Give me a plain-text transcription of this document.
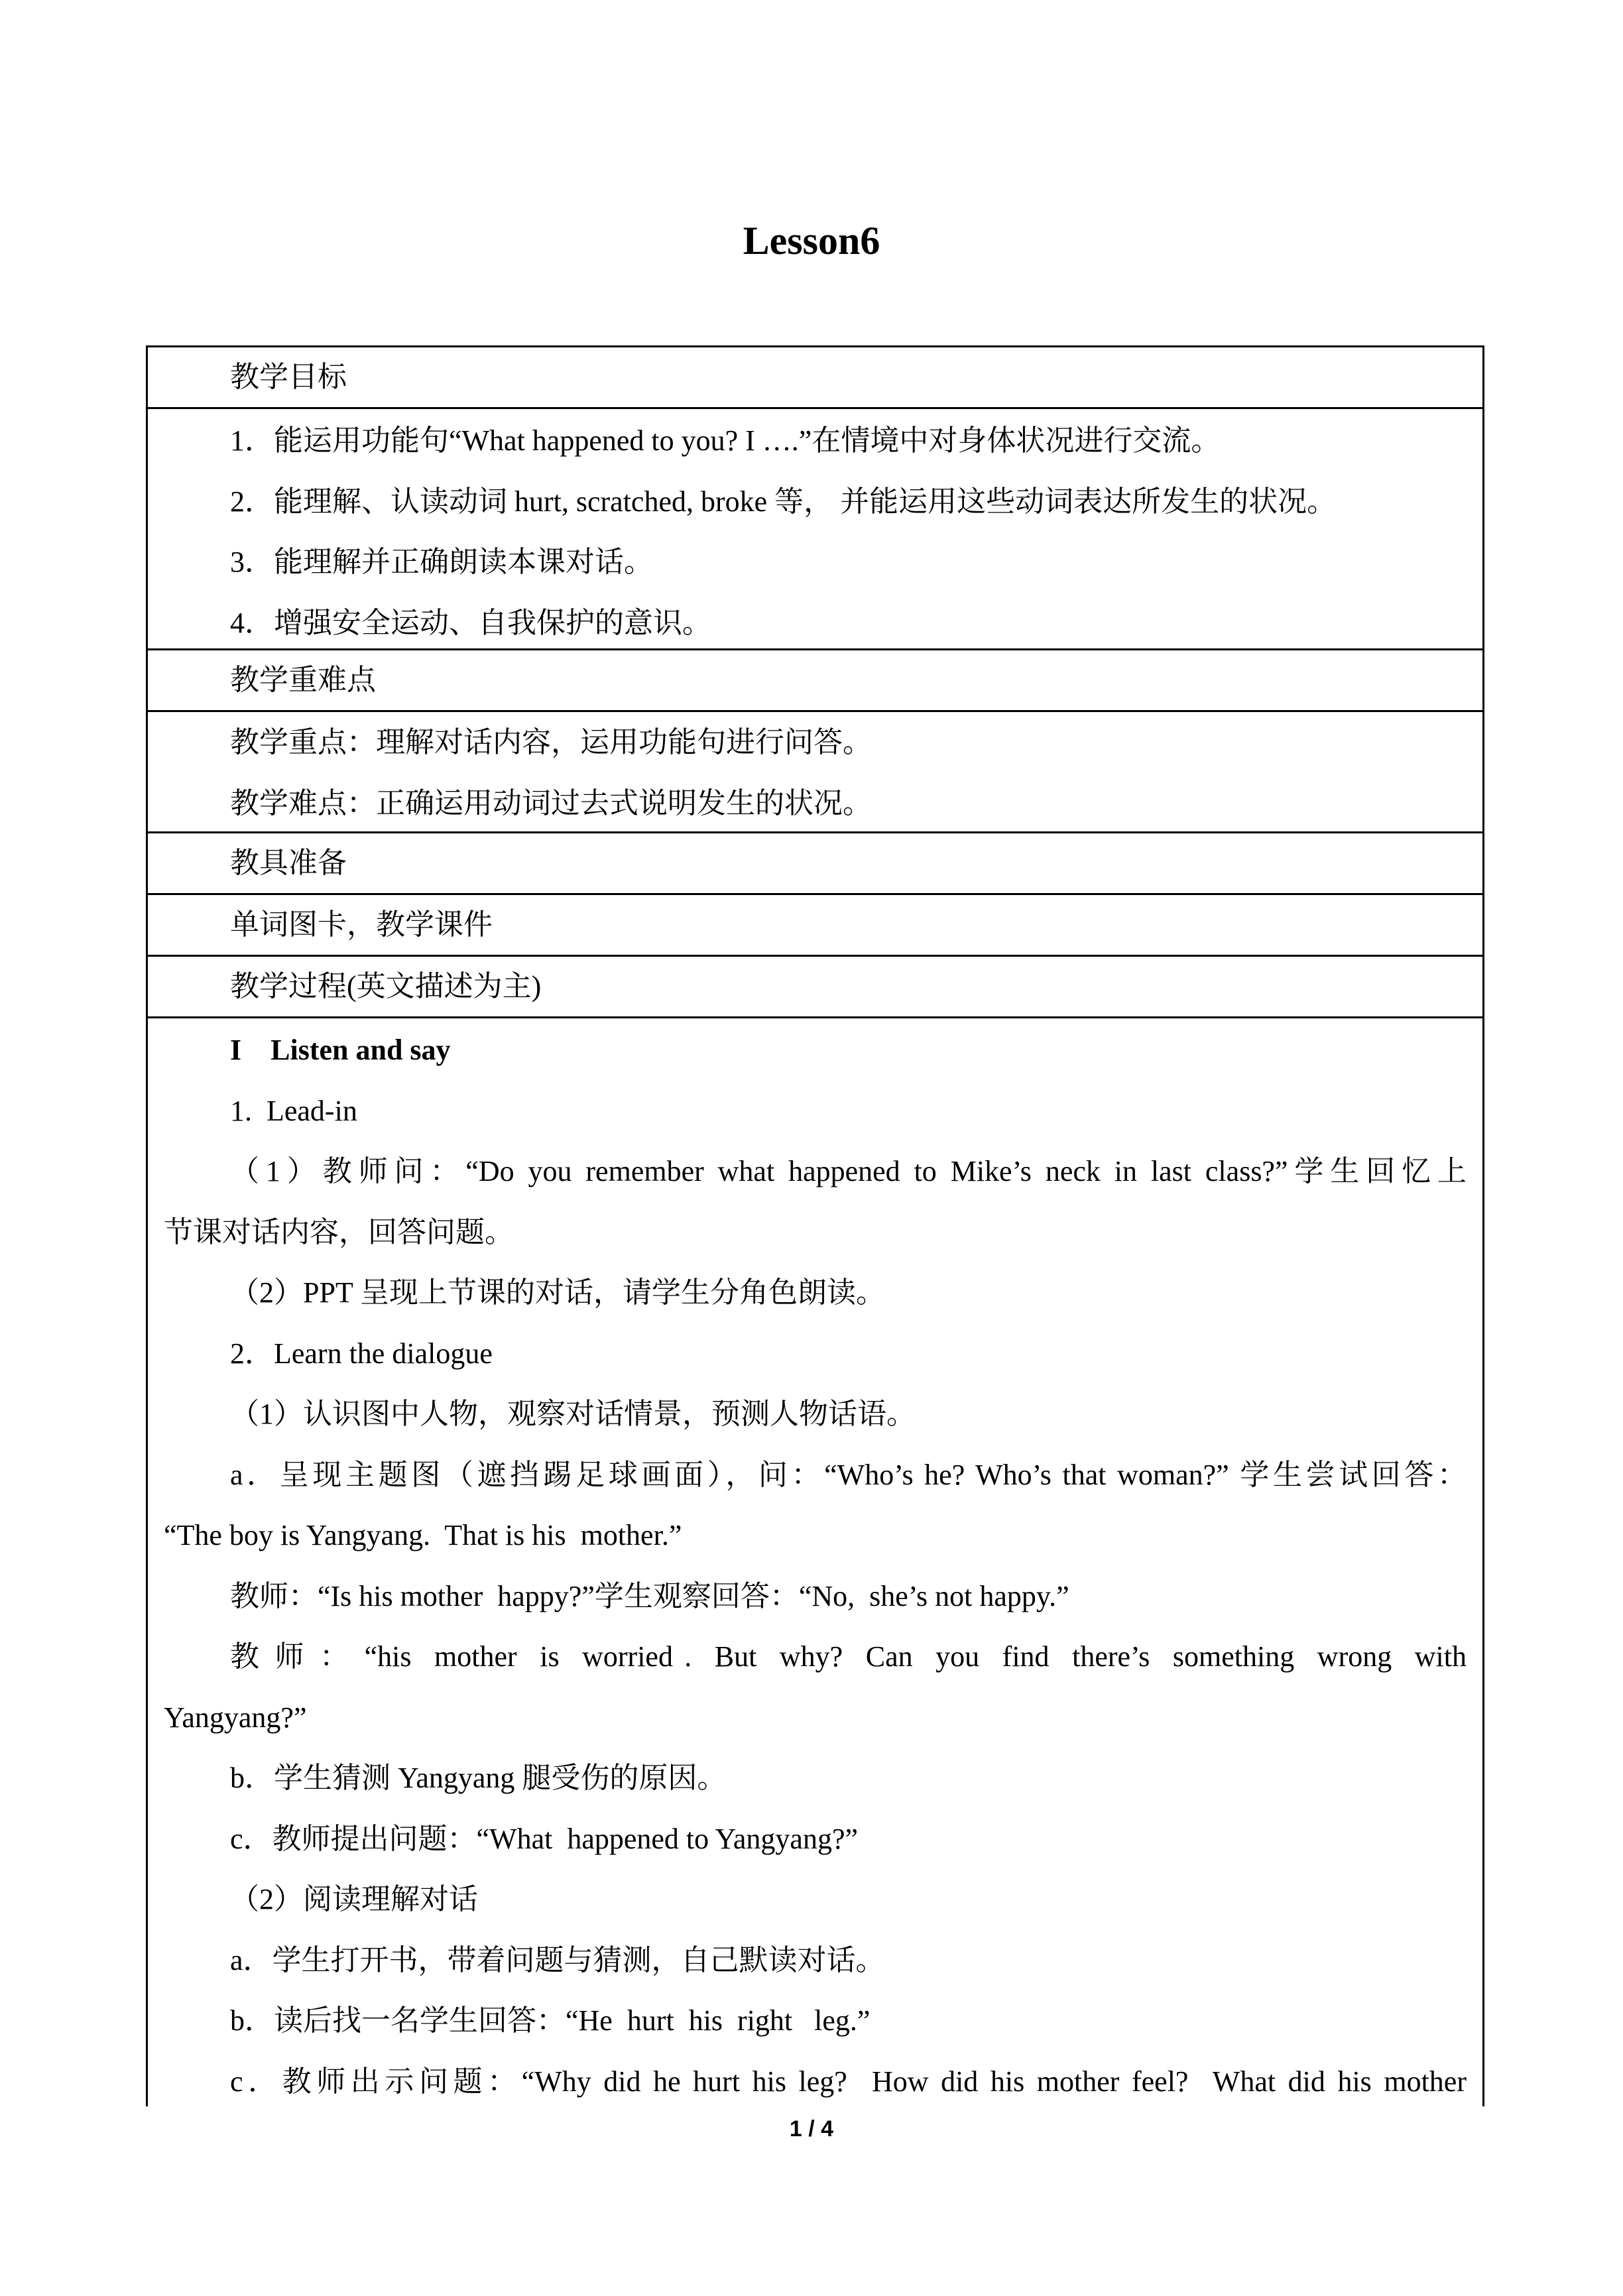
Lesson6
教学目标
1．能运用功能句“What happened to you? I ….”在情境中对身体状况进行交流。
2．能理解、认读动词 hurt, scratched, broke 等， 并能运用这些动词表达所发生的状况。
3．能理解并正确朗读本课对话。
4．增强安全运动、自我保护的意识。
教学重难点
教学重点：理解对话内容，运用功能句进行问答。
教学难点：正确运用动词过去式说明发生的状况。
教具准备
单词图卡，教学课件
教学过程(英文描述为主)
I    Listen and say
1.  Lead-in
（1）教师问：“Do you remember what happened to Mike’s neck in last class?”学生回忆上
节课对话内容，回答问题。
（2）PPT 呈现上节课的对话，请学生分角色朗读。
2．Learn the dialogue
（1）认识图中人物，观察对话情景，预测人物话语。
a．呈现主题图（遮挡踢足球画面），问：“Who’s he? Who’s that woman?” 学生尝试回答：
“The boy is Yangyang.  That is his  mother.”
教师：“Is his mother  happy?”学生观察回答：“No,  she’s not happy.”
教 师 ： “his  mother  is  worried .  But  why?  Can  you  find  there’s  something  wrong  with
Yangyang?”
b．学生猜测 Yangyang 腿受伤的原因。
c．教师提出问题：“What  happened to Yangyang?”
（2）阅读理解对话
a．学生打开书，带着问题与猜测，自己默读对话。
b．读后找一名学生回答：“He  hurt  his  right   leg.”
c．教师出示问题：“Why did he hurt his leg?  How did his mother feel?  What did his mother
1 / 4
